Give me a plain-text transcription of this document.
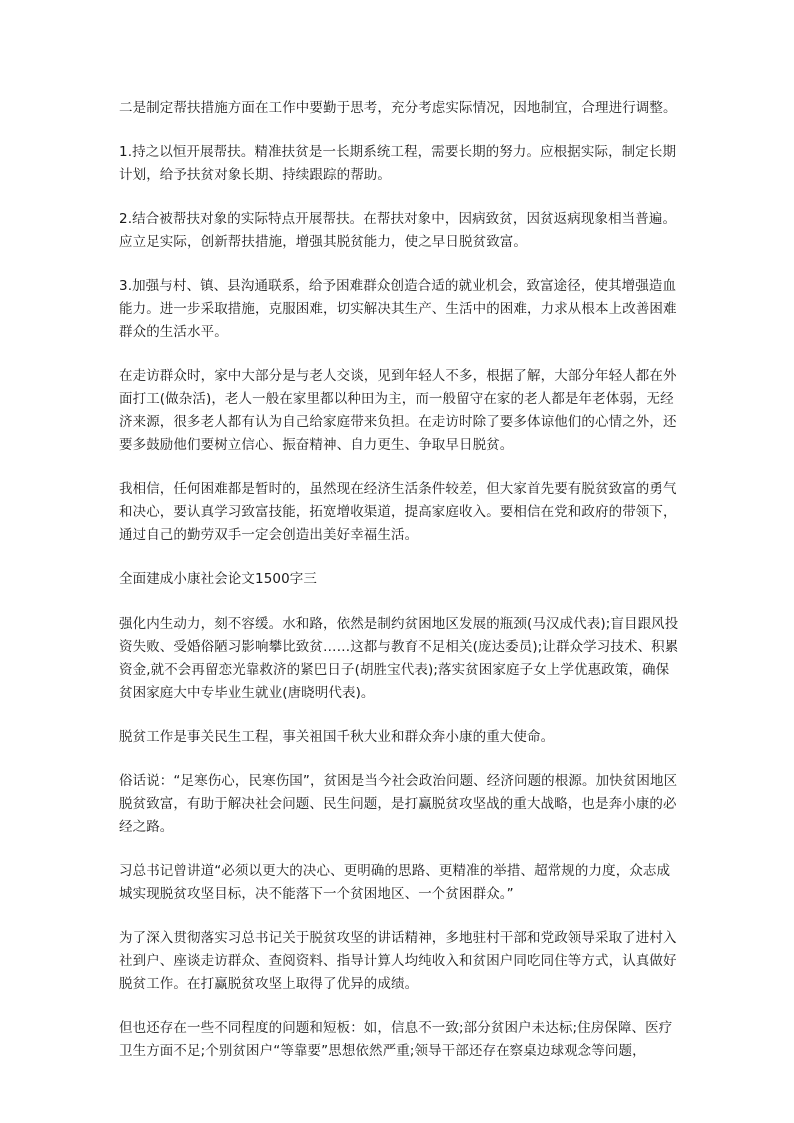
二是制定帮扶措施方面在工作中要勤于思考，充分考虑实际情况，因地制宜，合理进行调整。

1.持之以恒开展帮扶。精准扶贫是一长期系统工程，需要长期的努力。应根据实际，制定长期计划，给予扶贫对象长期、持续跟踪的帮助。

2.结合被帮扶对象的实际特点开展帮扶。在帮扶对象中，因病致贫，因贫返病现象相当普遍。应立足实际，创新帮扶措施，增强其脱贫能力，使之早日脱贫致富。

3.加强与村、镇、县沟通联系，给予困难群众创造合适的就业机会，致富途径，使其增强造血能力。进一步采取措施，克服困难，切实解决其生产、生活中的困难，力求从根本上改善困难群众的生活水平。

在走访群众时，家中大部分是与老人交谈，见到年轻人不多，根据了解，大部分年轻人都在外面打工(做杂活)，老人一般在家里都以种田为主，而一般留守在家的老人都是年老体弱，无经济来源，很多老人都有认为自己给家庭带来负担。在走访时除了要多体谅他们的心情之外，还要多鼓励他们要树立信心、振奋精神、自力更生、争取早日脱贫。

我相信，任何困难都是暂时的，虽然现在经济生活条件较差，但大家首先要有脱贫致富的勇气和决心，要认真学习致富技能，拓宽增收渠道，提高家庭收入。要相信在党和政府的带领下，通过自己的勤劳双手一定会创造出美好幸福生活。

全面建成小康社会论文1500字三

强化内生动力，刻不容缓。水和路，依然是制约贫困地区发展的瓶颈(马汉成代表);盲目跟风投资失败、受婚俗陋习影响攀比致贫……这都与教育不足相关(庞达委员);让群众学习技术、积累资金,就不会再留恋光靠救济的紧巴日子(胡胜宝代表);落实贫困家庭子女上学优惠政策，确保贫困家庭大中专毕业生就业(唐晓明代表)。

脱贫工作是事关民生工程，事关祖国千秋大业和群众奔小康的重大使命。

俗话说：“足寒伤心，民寒伤国”，贫困是当今社会政治问题、经济问题的根源。加快贫困地区脱贫致富，有助于解决社会问题、民生问题，是打赢脱贫攻坚战的重大战略，也是奔小康的必经之路。

习总书记曾讲道“必须以更大的决心、更明确的思路、更精准的举措、超常规的力度，众志成城实现脱贫攻坚目标，决不能落下一个贫困地区、一个贫困群众。”

为了深入贯彻落实习总书记关于脱贫攻坚的讲话精神，多地驻村干部和党政领导采取了进村入社到户、座谈走访群众、查阅资料、指导计算人均纯收入和贫困户同吃同住等方式，认真做好脱贫工作。在打赢脱贫攻坚上取得了优异的成绩。

但也还存在一些不同程度的问题和短板：如，信息不一致;部分贫困户未达标;住房保障、医疗卫生方面不足;个别贫困户“等靠要”思想依然严重;领导干部还存在察桌边球观念等问题，
